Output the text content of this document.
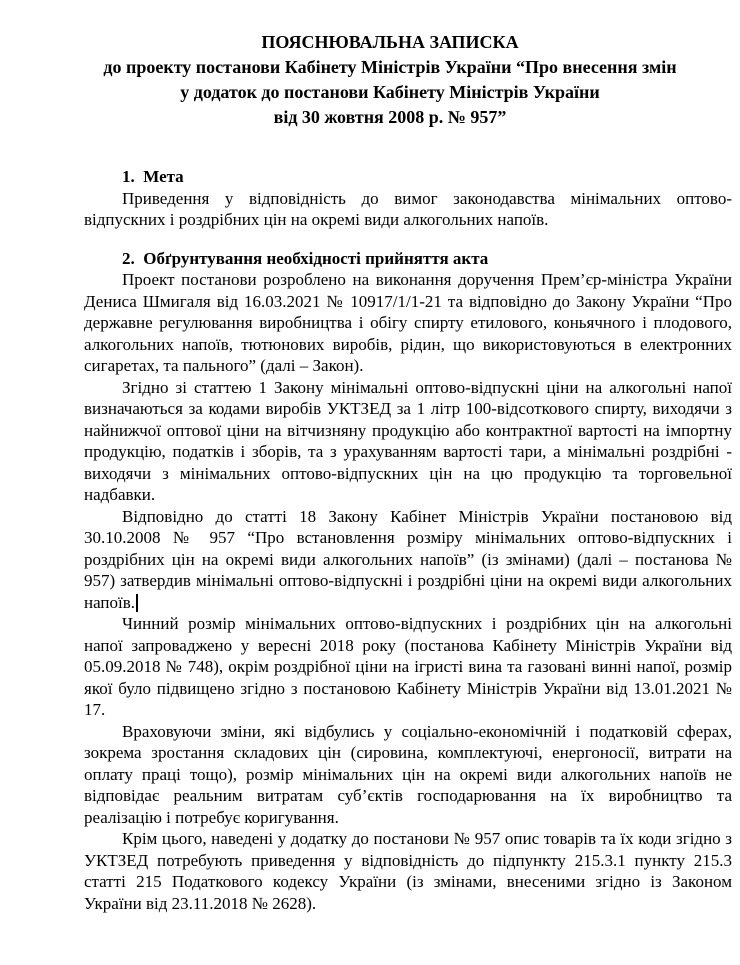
ПОЯСНЮВАЛЬНА ЗАПИСКА
до проекту постанови Кабінету Міністрів України “Про внесення змін
у додаток до постанови Кабінету Міністрів України
від 30 жовтня 2008 р. № 957”
1.  Мета

Приведення у відповідність до вимог законодавства мінімальних оптово-відпускних і роздрібних цін на окремі види алкогольних напоїв.

2.  Обґрунтування необхідності прийняття акта

Проект постанови розроблено на виконання доручення Прем’єр-міністра України Дениса Шмигаля від 16.03.2021 № 10917/1/1-21 та відповідно до Закону України “Про державне регулювання виробництва і обігу спирту етилового, коньячного і плодового, алкогольних напоїв, тютюнових виробів, рідин, що використовуються в електронних сигаретах, та пального” (далі – Закон).

Згідно зі статтею 1 Закону мінімальні оптово-відпускні ціни на алкогольні напої визначаються за кодами виробів УКТЗЕД за 1 літр 100-відсоткового спирту, виходячи з найнижчої оптової ціни на вітчизняну продукцію або контрактної вартості на імпортну продукцію, податків і зборів, та з урахуванням вартості тари, а мінімальні роздрібні - виходячи з мінімальних оптово-відпускних цін на цю продукцію та торговельної надбавки.

Відповідно до статті 18 Закону Кабінет Міністрів України постановою від 30.10.2008 № 957 “Про встановлення розміру мінімальних оптово-відпускних і роздрібних цін на окремі види алкогольних напоїв” (із змінами) (далі – постанова № 957) затвердив мінімальні оптово-відпускні і роздрібні ціни на окремі види алкогольних напоїв.

Чинний розмір мінімальних оптово-відпускних і роздрібних цін на алкогольні напої запроваджено у вересні 2018 року (постанова Кабінету Міністрів України від 05.09.2018 № 748), окрім роздрібної ціни на ігристі вина та газовані винні напої, розмір якої було підвищено згідно з постановою Кабінету Міністрів України від 13.01.2021 № 17.

Враховуючи зміни, які відбулись у соціально-економічній і податковій сферах, зокрема зростання складових цін (сировина, комплектуючі, енергоносії, витрати на оплату праці тощо), розмір мінімальних цін на окремі види алкогольних напоїв не відповідає реальним витратам суб’єктів господарювання на їх виробництво та реалізацію і потребує коригування.

Крім цього, наведені у додатку до постанови № 957 опис товарів та їх коди згідно з УКТЗЕД потребують приведення у відповідність до підпункту 215.3.1 пункту 215.3 статті 215 Податкового кодексу України (із змінами, внесеними згідно із Законом України від 23.11.2018 № 2628).
